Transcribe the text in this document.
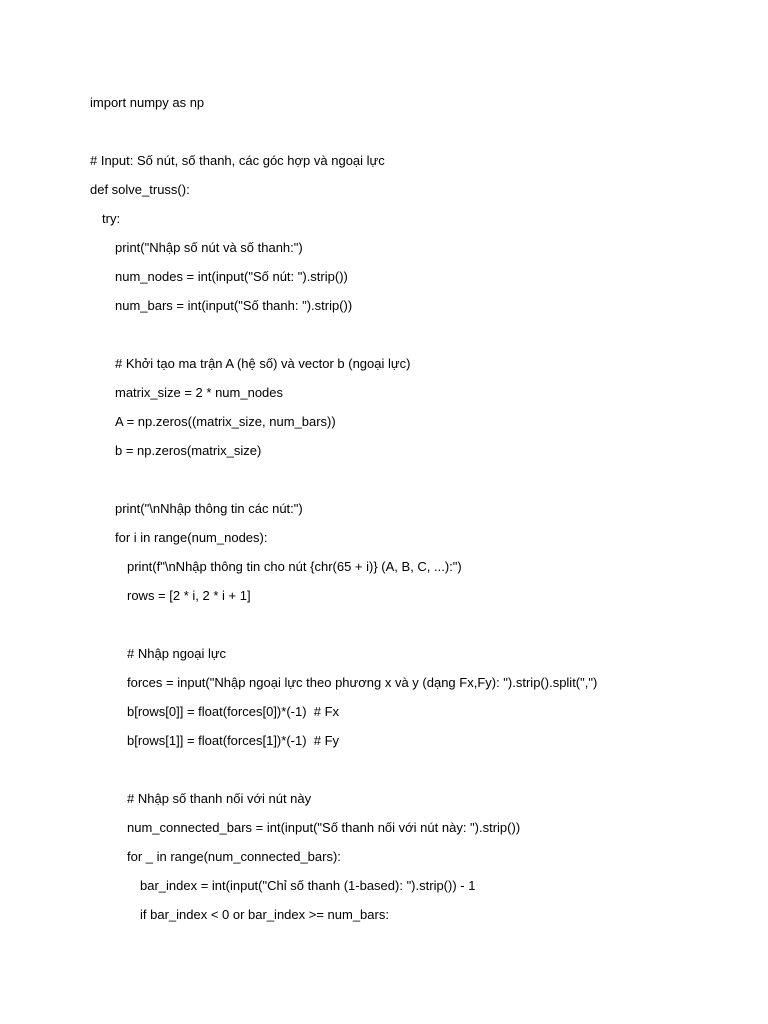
import numpy as np
# Input: Số nút, số thanh, các góc hợp và ngoại lực
def solve_truss():
try:
print("Nhập số nút và số thanh:")
num_nodes = int(input("Số nút: ").strip())
num_bars = int(input("Số thanh: ").strip())
# Khởi tạo ma trận A (hệ số) và vector b (ngoại lực)
matrix_size = 2 * num_nodes
A = np.zeros((matrix_size, num_bars))
b = np.zeros(matrix_size)
print("\nNhập thông tin các nút:")
for i in range(num_nodes):
print(f"\nNhập thông tin cho nút {chr(65 + i)} (A, B, C, ...):")
rows = [2 * i, 2 * i + 1]
# Nhập ngoại lực
forces = input("Nhập ngoại lực theo phương x và y (dạng Fx,Fy): ").strip().split(",")
b[rows[0]] = float(forces[0])*(-1)  # Fx
b[rows[1]] = float(forces[1])*(-1)  # Fy
# Nhập số thanh nối với nút này
num_connected_bars = int(input("Số thanh nối với nút này: ").strip())
for _ in range(num_connected_bars):
bar_index = int(input("Chỉ số thanh (1-based): ").strip()) - 1
if bar_index < 0 or bar_index >= num_bars:
